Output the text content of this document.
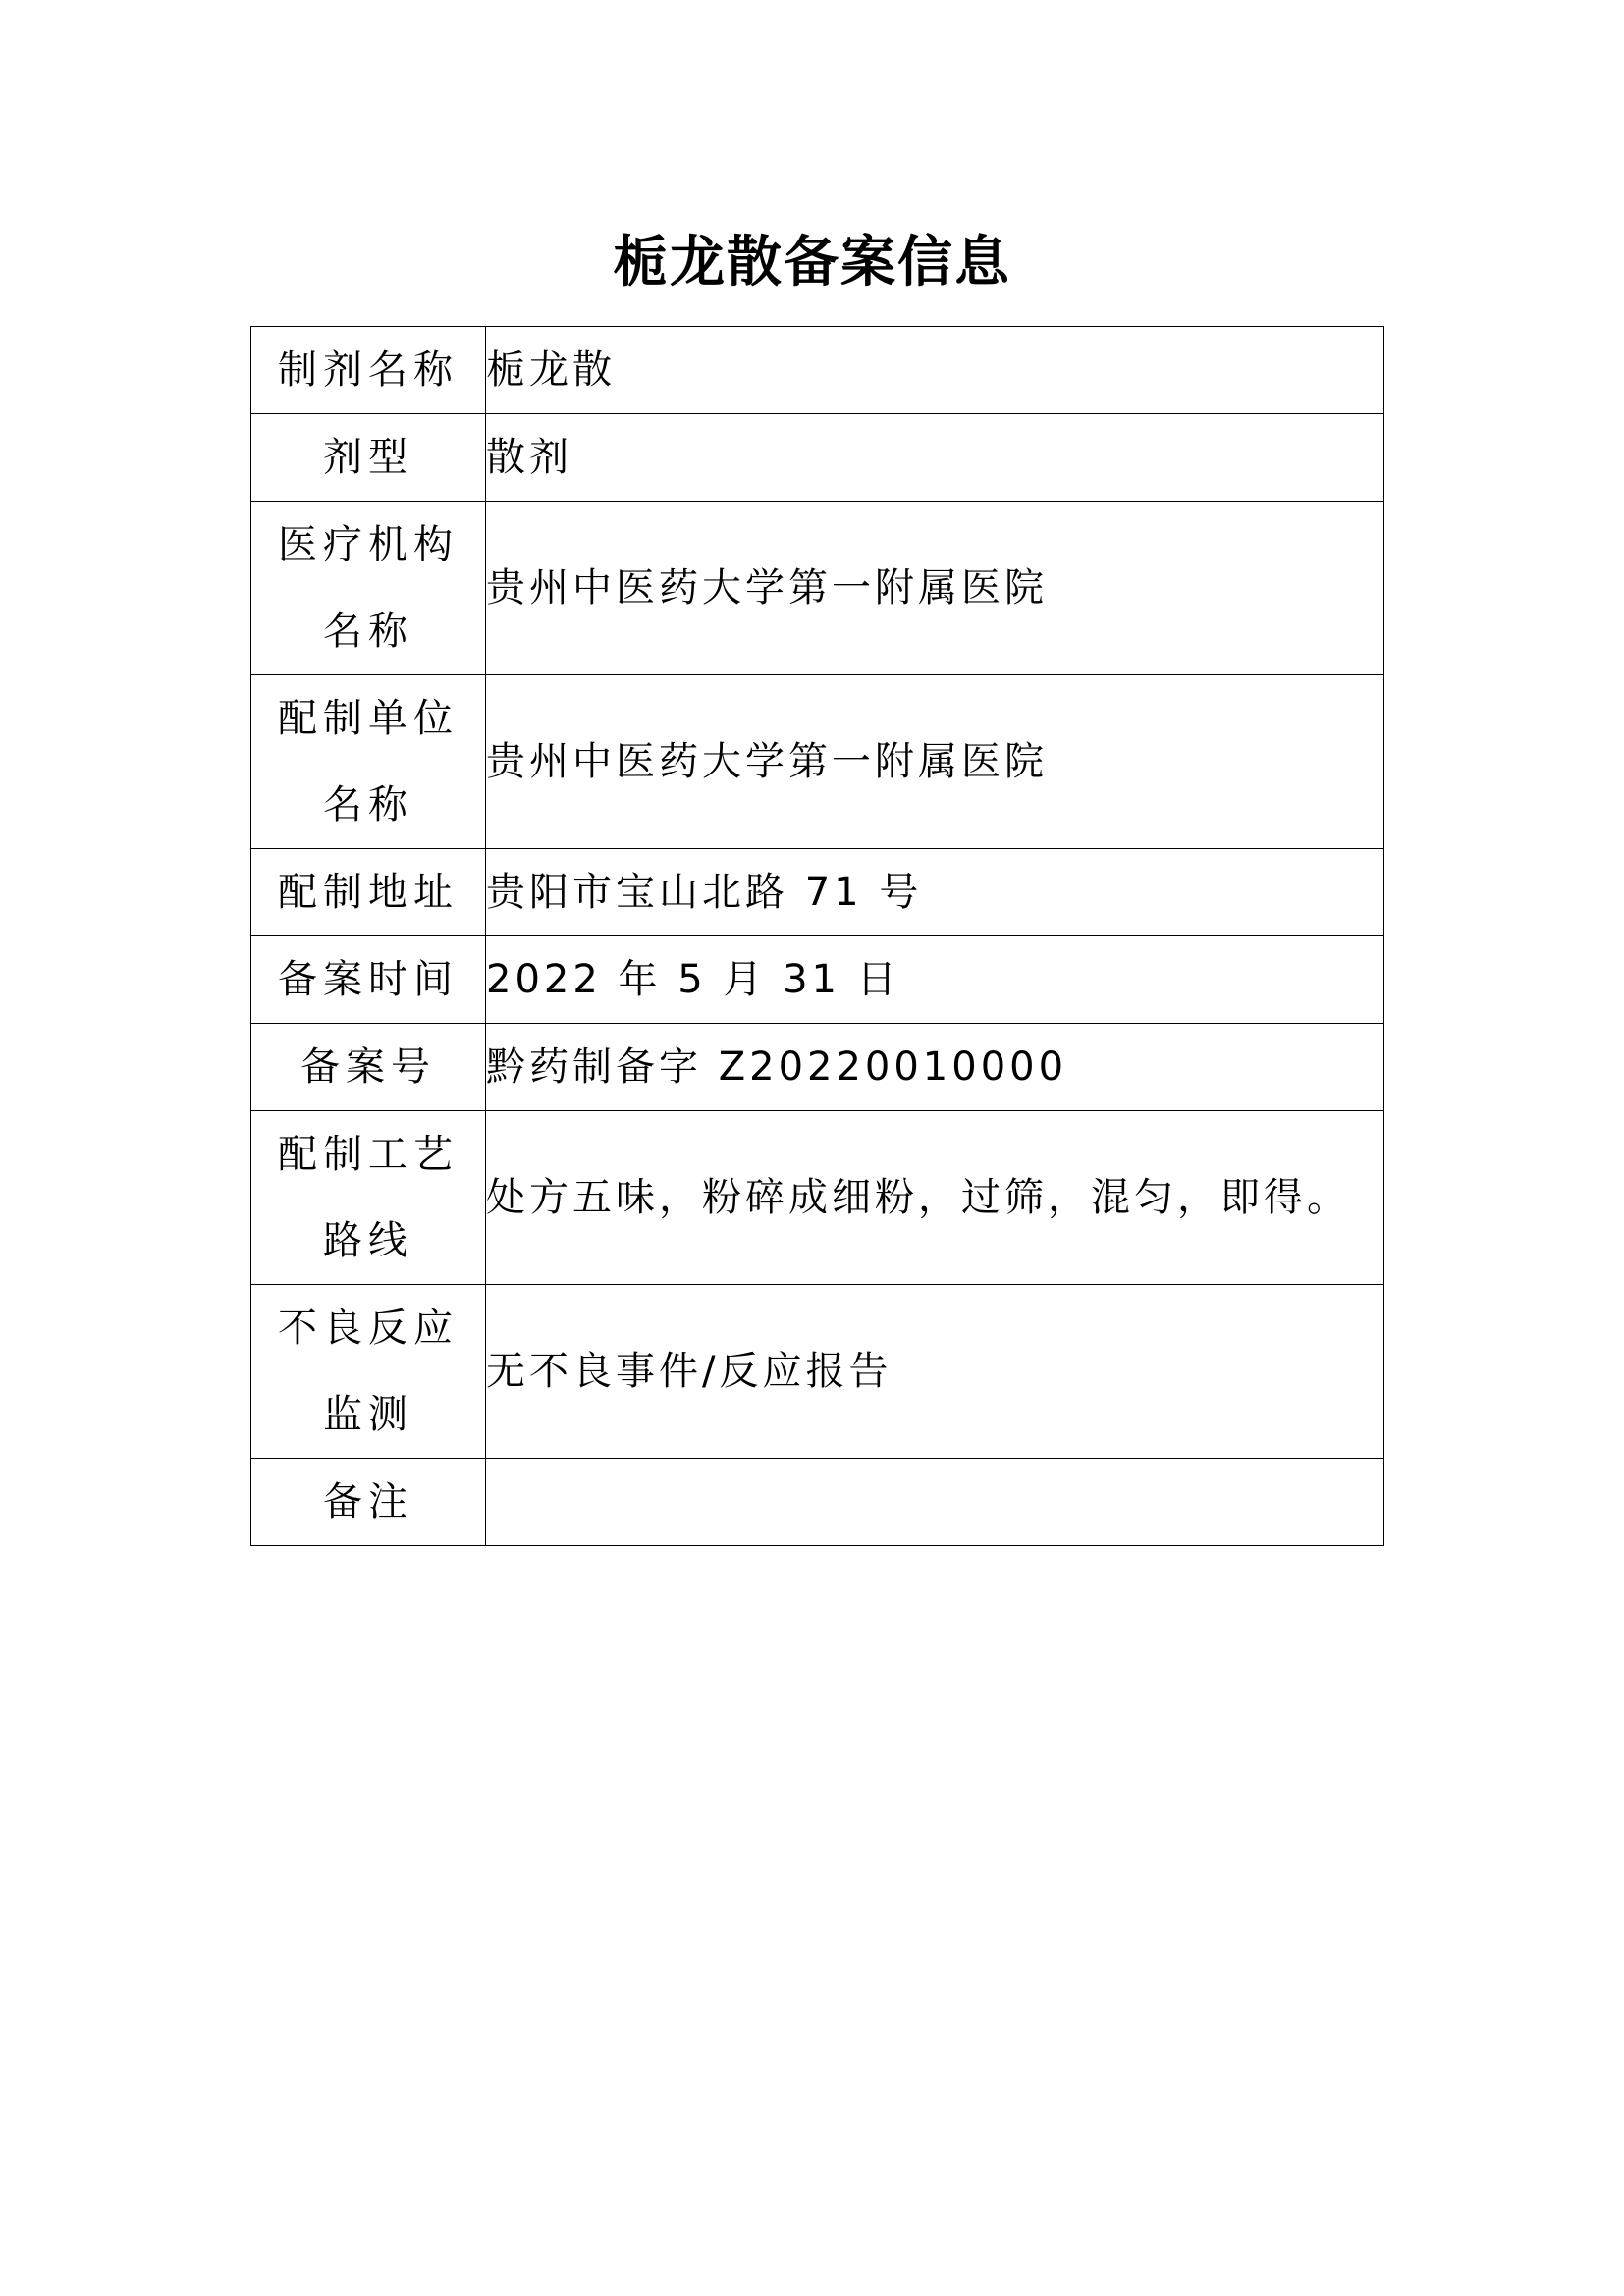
栀龙散备案信息
制剂名称	栀龙散

剂型	散剂

医疗机构
名称	贵州中医药大学第一附属医院

配制单位
名称	贵州中医药大学第一附属医院

配制地址	贵阳市宝山北路 71 号

备案时间	2022 年 5 月 31 日

备案号	黔药制备字 Z20220010000

配制工艺
路线	处方五味，粉碎成细粉，过筛，混匀，即得。

不良反应
监测	无不良事件/反应报告

备注	
